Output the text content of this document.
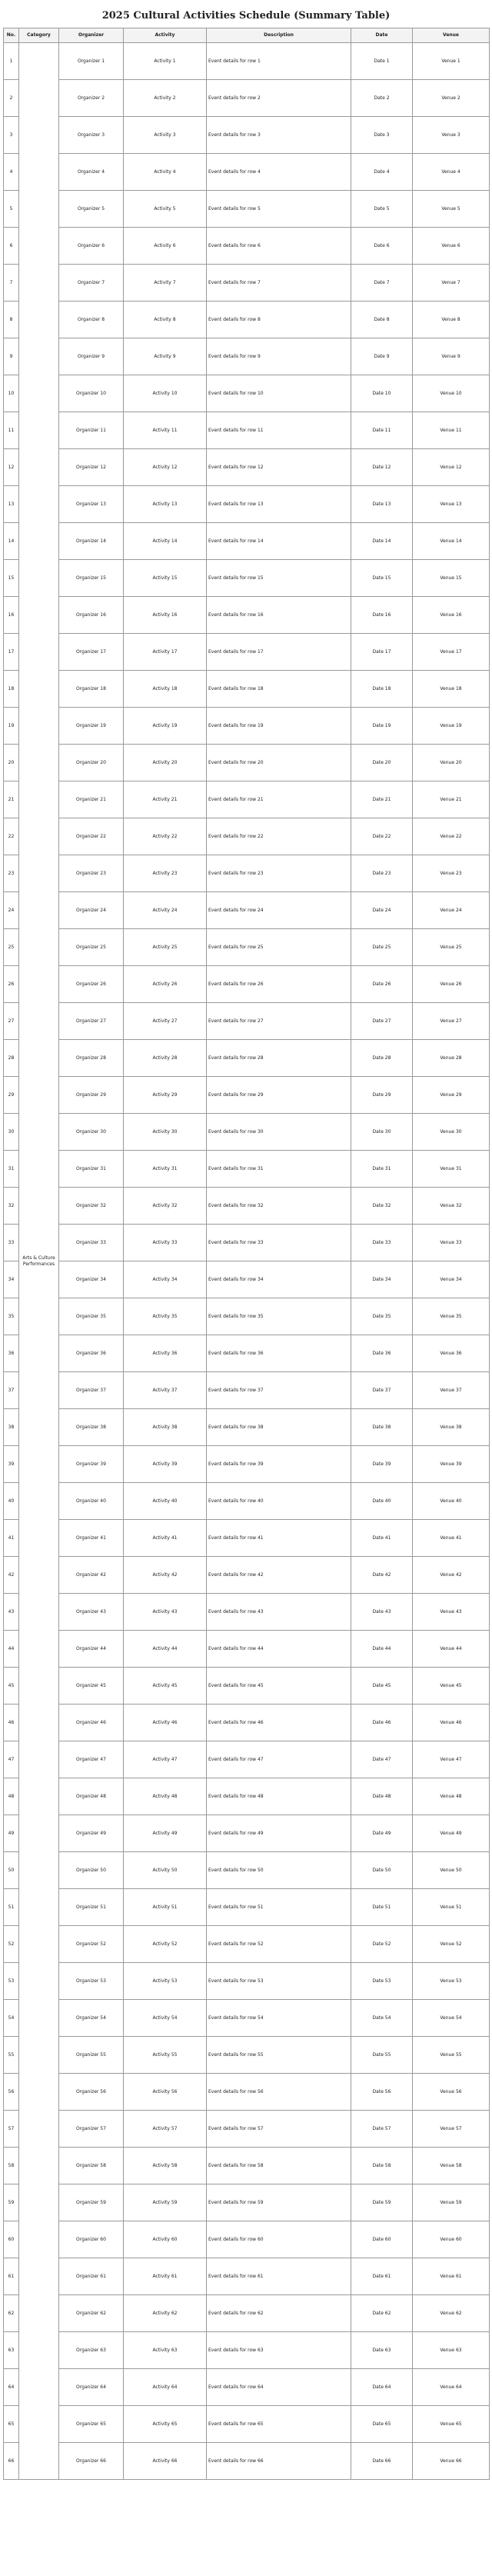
2025 Cultural Activities Schedule (Summary Table)
No.	Category	Organizer	Activity	Description	Date	Venue
1	Arts & Culture Performances	Organizer 1	Activity 1	Event details for row 1	Date 1	Venue 1
2		Organizer 2	Activity 2	Event details for row 2	Date 2	Venue 2
3		Organizer 3	Activity 3	Event details for row 3	Date 3	Venue 3
4		Organizer 4	Activity 4	Event details for row 4	Date 4	Venue 4
5		Organizer 5	Activity 5	Event details for row 5	Date 5	Venue 5
6		Organizer 6	Activity 6	Event details for row 6	Date 6	Venue 6
7		Organizer 7	Activity 7	Event details for row 7	Date 7	Venue 7
8		Organizer 8	Activity 8	Event details for row 8	Date 8	Venue 8
9		Organizer 9	Activity 9	Event details for row 9	Date 9	Venue 9
10		Organizer 10	Activity 10	Event details for row 10	Date 10	Venue 10
11		Organizer 11	Activity 11	Event details for row 11	Date 11	Venue 11
12		Organizer 12	Activity 12	Event details for row 12	Date 12	Venue 12
13		Organizer 13	Activity 13	Event details for row 13	Date 13	Venue 13
14		Organizer 14	Activity 14	Event details for row 14	Date 14	Venue 14
15		Organizer 15	Activity 15	Event details for row 15	Date 15	Venue 15
16		Organizer 16	Activity 16	Event details for row 16	Date 16	Venue 16
17		Organizer 17	Activity 17	Event details for row 17	Date 17	Venue 17
18		Organizer 18	Activity 18	Event details for row 18	Date 18	Venue 18
19		Organizer 19	Activity 19	Event details for row 19	Date 19	Venue 19
20		Organizer 20	Activity 20	Event details for row 20	Date 20	Venue 20
21		Organizer 21	Activity 21	Event details for row 21	Date 21	Venue 21
22		Organizer 22	Activity 22	Event details for row 22	Date 22	Venue 22
23		Organizer 23	Activity 23	Event details for row 23	Date 23	Venue 23
24		Organizer 24	Activity 24	Event details for row 24	Date 24	Venue 24
25		Organizer 25	Activity 25	Event details for row 25	Date 25	Venue 25
26		Organizer 26	Activity 26	Event details for row 26	Date 26	Venue 26
27		Organizer 27	Activity 27	Event details for row 27	Date 27	Venue 27
28		Organizer 28	Activity 28	Event details for row 28	Date 28	Venue 28
29		Organizer 29	Activity 29	Event details for row 29	Date 29	Venue 29
30		Organizer 30	Activity 30	Event details for row 30	Date 30	Venue 30
31		Organizer 31	Activity 31	Event details for row 31	Date 31	Venue 31
32		Organizer 32	Activity 32	Event details for row 32	Date 32	Venue 32
33		Organizer 33	Activity 33	Event details for row 33	Date 33	Venue 33
34		Organizer 34	Activity 34	Event details for row 34	Date 34	Venue 34
35		Organizer 35	Activity 35	Event details for row 35	Date 35	Venue 35
36		Organizer 36	Activity 36	Event details for row 36	Date 36	Venue 36
37		Organizer 37	Activity 37	Event details for row 37	Date 37	Venue 37
38		Organizer 38	Activity 38	Event details for row 38	Date 38	Venue 38
39		Organizer 39	Activity 39	Event details for row 39	Date 39	Venue 39
40		Organizer 40	Activity 40	Event details for row 40	Date 40	Venue 40
41		Organizer 41	Activity 41	Event details for row 41	Date 41	Venue 41
42		Organizer 42	Activity 42	Event details for row 42	Date 42	Venue 42
43		Organizer 43	Activity 43	Event details for row 43	Date 43	Venue 43
44		Organizer 44	Activity 44	Event details for row 44	Date 44	Venue 44
45		Organizer 45	Activity 45	Event details for row 45	Date 45	Venue 45
46		Organizer 46	Activity 46	Event details for row 46	Date 46	Venue 46
47		Organizer 47	Activity 47	Event details for row 47	Date 47	Venue 47
48		Organizer 48	Activity 48	Event details for row 48	Date 48	Venue 48
49		Organizer 49	Activity 49	Event details for row 49	Date 49	Venue 49
50		Organizer 50	Activity 50	Event details for row 50	Date 50	Venue 50
51		Organizer 51	Activity 51	Event details for row 51	Date 51	Venue 51
52		Organizer 52	Activity 52	Event details for row 52	Date 52	Venue 52
53		Organizer 53	Activity 53	Event details for row 53	Date 53	Venue 53
54		Organizer 54	Activity 54	Event details for row 54	Date 54	Venue 54
55		Organizer 55	Activity 55	Event details for row 55	Date 55	Venue 55
56		Organizer 56	Activity 56	Event details for row 56	Date 56	Venue 56
57		Organizer 57	Activity 57	Event details for row 57	Date 57	Venue 57
58		Organizer 58	Activity 58	Event details for row 58	Date 58	Venue 58
59		Organizer 59	Activity 59	Event details for row 59	Date 59	Venue 59
60		Organizer 60	Activity 60	Event details for row 60	Date 60	Venue 60
61		Organizer 61	Activity 61	Event details for row 61	Date 61	Venue 61
62		Organizer 62	Activity 62	Event details for row 62	Date 62	Venue 62
63		Organizer 63	Activity 63	Event details for row 63	Date 63	Venue 63
64		Organizer 64	Activity 64	Event details for row 64	Date 64	Venue 64
65		Organizer 65	Activity 65	Event details for row 65	Date 65	Venue 65
66		Organizer 66	Activity 66	Event details for row 66	Date 66	Venue 66
